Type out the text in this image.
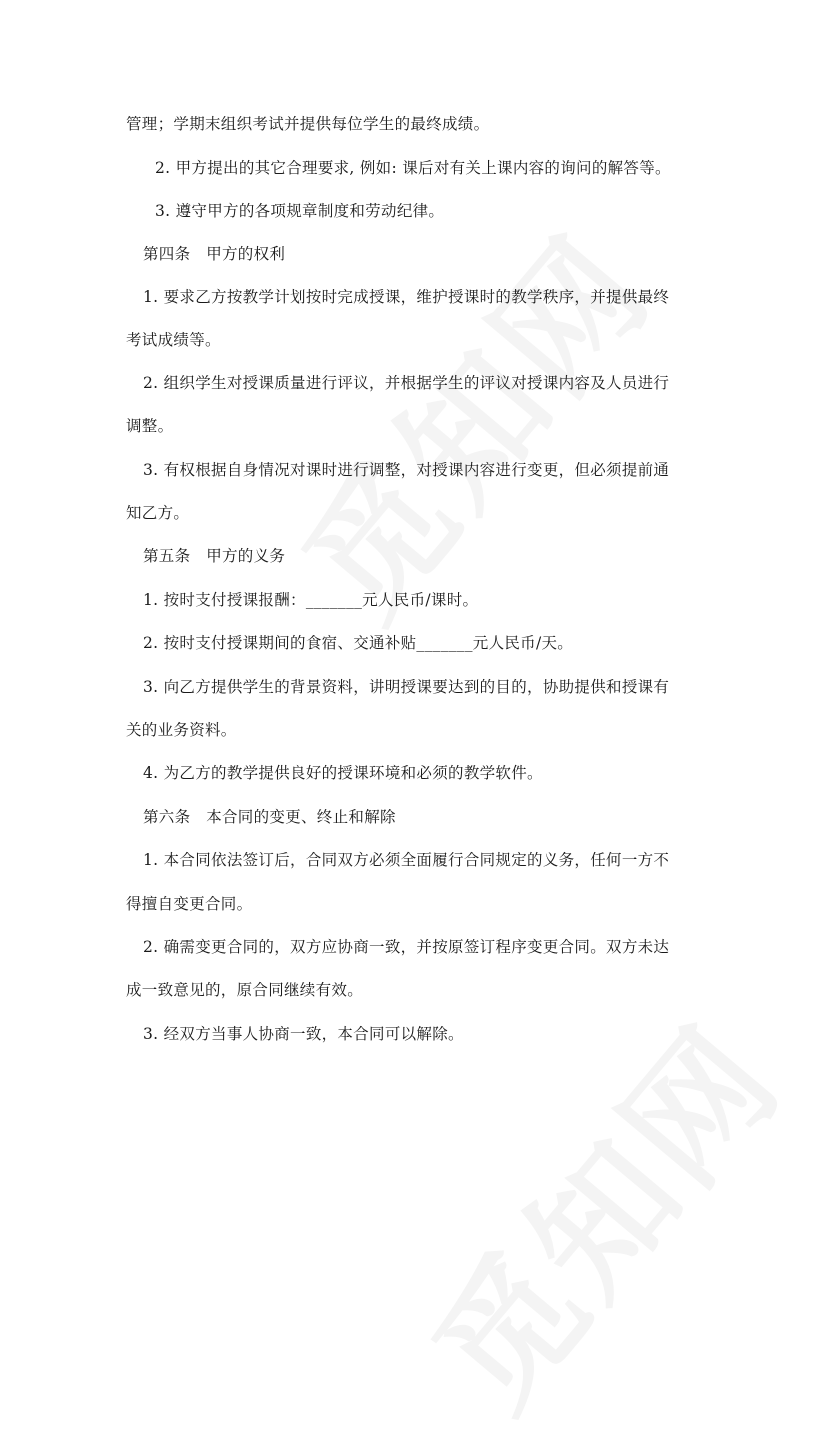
管理；学期末组织考试并提供每位学生的最终成绩。
2. 甲方提出的其它合理要求, 例如: 课后对有关上课内容的询问的解答等。
3. 遵守甲方的各项规章制度和劳动纪律。
第四条　甲方的权利
1. 要求乙方按教学计划按时完成授课，维护授课时的教学秩序，并提供最终
考试成绩等。
2. 组织学生对授课质量进行评议，并根据学生的评议对授课内容及人员进行
调整。
3. 有权根据自身情况对课时进行调整，对授课内容进行变更，但必须提前通
知乙方。
第五条　甲方的义务
1. 按时支付授课报酬：_______元人民币/课时。
2. 按时支付授课期间的食宿、交通补贴_______元人民币/天。
3. 向乙方提供学生的背景资料，讲明授课要达到的目的，协助提供和授课有
关的业务资料。
4. 为乙方的教学提供良好的授课环境和必须的教学软件。
第六条　本合同的变更、终止和解除
1. 本合同依法签订后，合同双方必须全面履行合同规定的义务，任何一方不
得擅自变更合同。
2. 确需变更合同的，双方应协商一致，并按原签订程序变更合同。双方未达
成一致意见的，原合同继续有效。
3. 经双方当事人协商一致，本合同可以解除。
